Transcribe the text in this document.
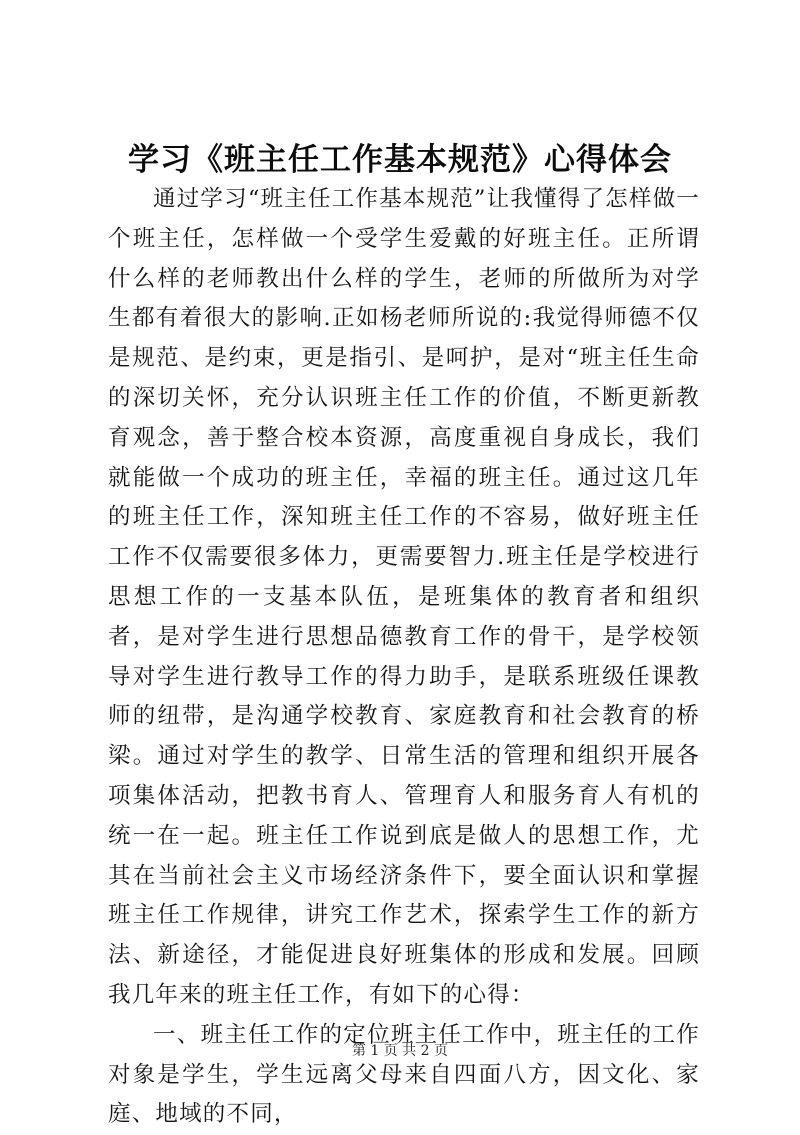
学习《班主任工作基本规范》心得体会

通过学习“班主任工作基本规范”让我懂得了怎样做一个班主任，怎样做一个受学生爱戴的好班主任。正所谓什么样的老师教出什么样的学生，老师的所做所为对学生都有着很大的影响.正如杨老师所说的:我觉得师德不仅是规范、是约束，更是指引、是呵护，是对“班主任生命的深切关怀，充分认识班主任工作的价值，不断更新教育观念，善于整合校本资源，高度重视自身成长，我们就能做一个成功的班主任，幸福的班主任。通过这几年的班主任工作，深知班主任工作的不容易，做好班主任工作不仅需要很多体力，更需要智力.班主任是学校进行思想工作的一支基本队伍，是班集体的教育者和组织者，是对学生进行思想品德教育工作的骨干，是学校领导对学生进行教导工作的得力助手，是联系班级任课教师的纽带，是沟通学校教育、家庭教育和社会教育的桥梁。通过对学生的教学、日常生活的管理和组织开展各项集体活动，把教书育人、管理育人和服务育人有机的统一在一起。班主任工作说到底是做人的思想工作，尤其在当前社会主义市场经济条件下，要全面认识和掌握班主任工作规律，讲究工作艺术，探索学生工作的新方法、新途径，才能促进良好班集体的形成和发展。回顾我几年来的班主任工作，有如下的心得：

一、班主任工作的定位班主任工作中，班主任的工作对象是学生，学生远离父母来自四面八方，因文化、家庭、地域的不同，

第 1 页 共 2 页
